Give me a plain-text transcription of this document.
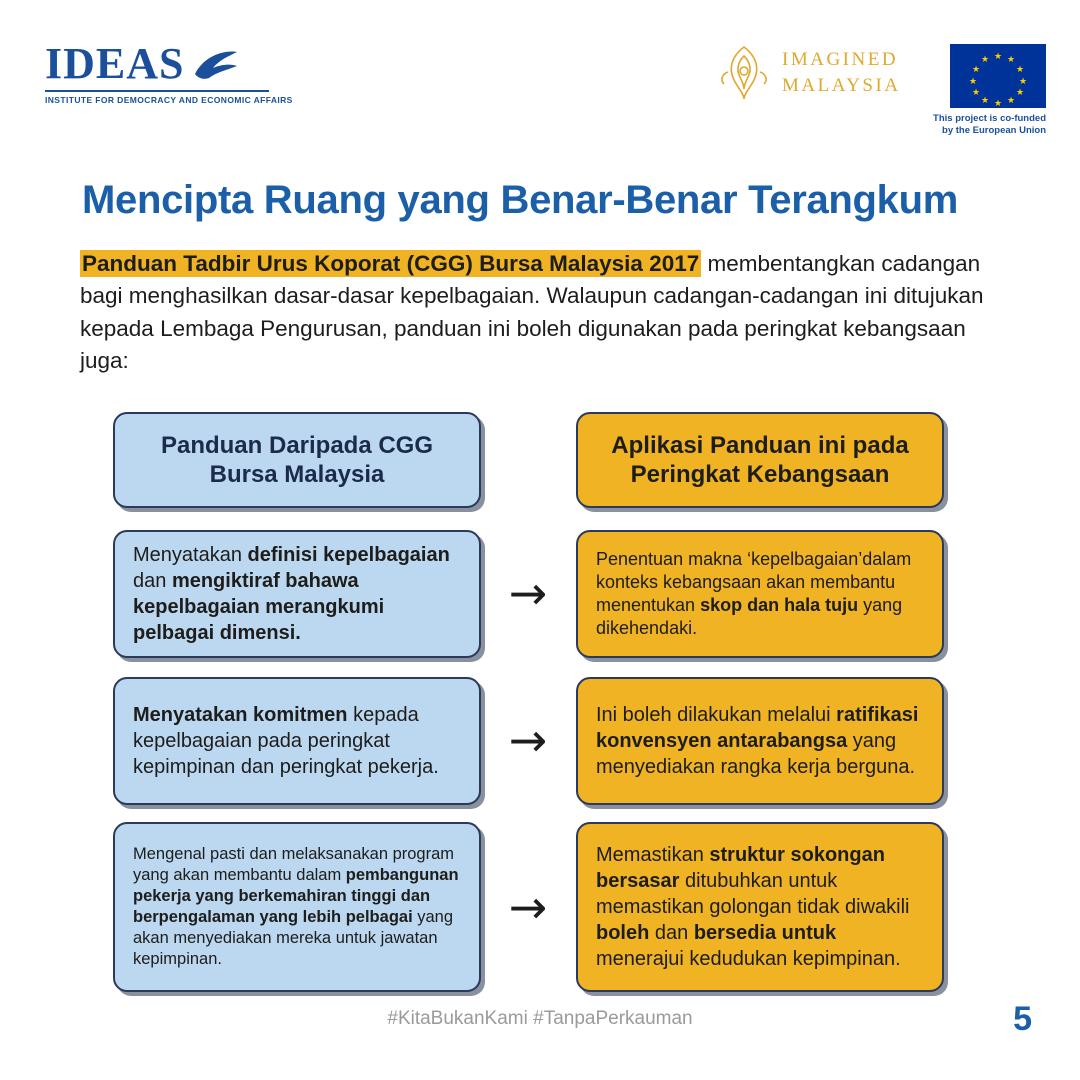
IDEAS
INSTITUTE FOR DEMOCRACY AND ECONOMIC AFFAIRS
IMAGINED
MALAYSIA
★ ★
★
★
★
★
★
★
★
★
★
★
This project is co-funded by the European Union
Mencipta Ruang yang Benar-Benar Terangkum
Panduan Tadbir Urus Koporat (CGG) Bursa Malaysia 2017 membentangkan cadangan bagi menghasilkan dasar-dasar kepelbagaian. Walaupun cadangan-cadangan ini ditujukan kepada Lembaga Pengurusan, panduan ini boleh digunakan pada peringkat kebangsaan juga:
Panduan Daripada CGG Bursa Malaysia

Menyatakan definisi kepelbagaian dan mengiktiraf bahawa kepelbagaian merangkumi pelbagai dimensi.

Menyatakan komitmen kepada kepelbagaian pada peringkat kepimpinan dan peringkat pekerja.

Mengenal pasti dan melaksanakan program yang akan membantu dalam pembangunan pekerja yang berkemahiran tinggi dan berpengalaman yang lebih pelbagai yang akan menyediakan mereka untuk jawatan kepimpinan.

→
→
→
Aplikasi Panduan ini pada Peringkat Kebangsaan

Penentuan makna ‘kepelbagaian’dalam konteks kebangsaan akan membantu menentukan skop dan hala tuju yang dikehendaki.

Ini boleh dilakukan melalui ratifikasi konvensyen antarabangsa yang menyediakan rangka kerja berguna.

Memastikan struktur sokongan bersasar ditubuhkan untuk memastikan golongan tidak diwakili boleh dan bersedia untuk menerajui kedudukan kepimpinan.

#KitaBukanKami #TanpaPerkauman	5
